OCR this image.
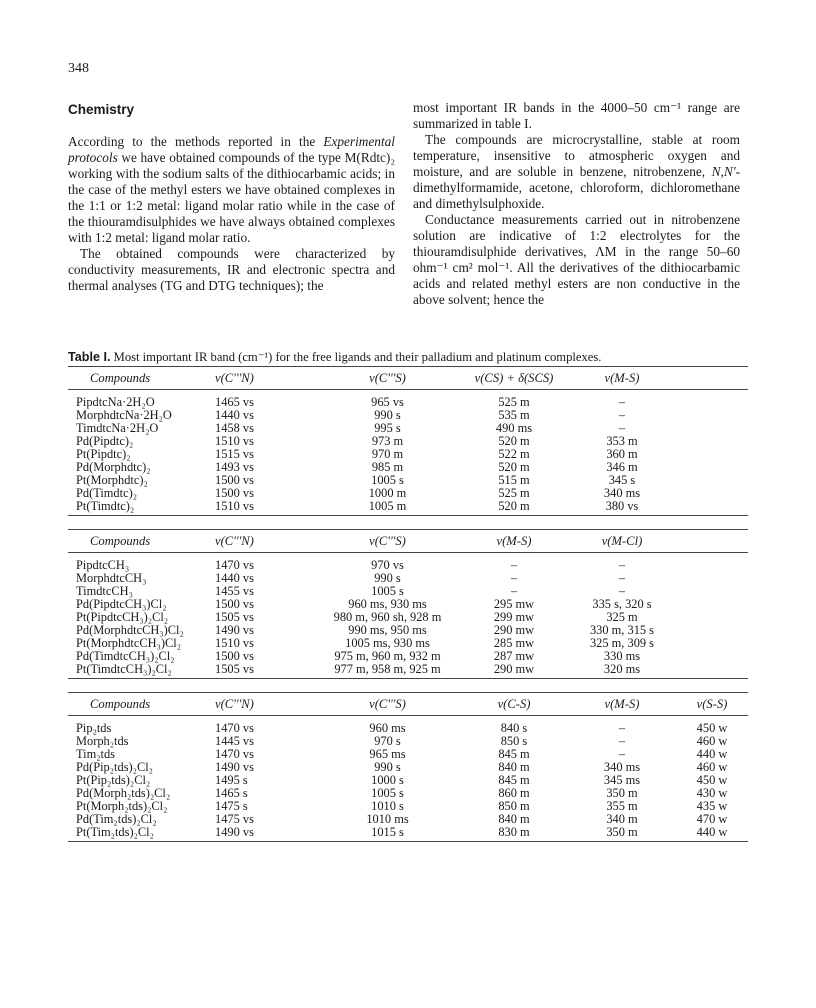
348

Chemistry

According to the methods reported in the Experimental protocols we have obtained compounds of the type M(Rdtc)₂ working with the sodium salts of the dithiocarbamic acids; in the case of the methyl esters we have obtained complexes in the 1:1 or 1:2 metal: ligand molar ratio while in the case of the thiouramdisulphides we have always obtained complexes with 1:2 metal: ligand molar ratio.

The obtained compounds were characterized by conductivity measurements, IR and electronic spectra and thermal analyses (TG and DTG techniques); the

most important IR bands in the 4000–50 cm⁻¹ range are summarized in table I.

The compounds are microcrystalline, stable at room temperature, insensitive to atmospheric oxygen and moisture, and are soluble in benzene, nitrobenzene, N,N'-dimethylformamide, acetone, chloroform, dichloromethane and dimethylsulphoxide.

Conductance measurements carried out in nitrobenzene solution are indicative of 1:2 electrolytes for the thiouramdisulphide derivatives, ΛM in the range 50–60 ohm⁻¹ cm² mol⁻¹. All the derivatives of the dithiocarbamic acids and related methyl esters are non conductive in the above solvent; hence the

Table I. Most important IR band (cm⁻¹) for the free ligands and their palladium and platinum complexes.
Compounds	v(C'''N)	v(C'''S)	v(CS) + δ(SCS)	v(M-S)
PipdtcNa·2H₂O	1465 vs	965 vs	525 m	–
MorphdtcNa·2H₂O	1440 vs	990 s	535 m	–
TimdtcNa·2H₂O	1458 vs	995 s	490 ms	–
Pd(Pipdtc)₂	1510 vs	973 m	520 m	353 m
Pt(Pipdtc)₂	1515 vs	970 m	522 m	360 m
Pd(Morphdtc)₂	1493 vs	985 m	520 m	346 m
Pt(Morphdtc)₂	1500 vs	1005 s	515 m	345 s
Pd(Timdtc)₂	1500 vs	1000 m	525 m	340 ms
Pt(Timdtc)₂	1510 vs	1005 m	520 m	380 vs
Compounds	v(C'''N)	v(C'''S)	v(M-S)	v(M-Cl)
PipdtcCH₃	1470 vs	970 vs	–	–
MorphdtcCH₃	1440 vs	990 s	–	–
TimdtcCH₃	1455 vs	1005 s	–	–
Pd(PipdtcCH₃)Cl₂	1500 vs	960 ms, 930 ms	295 mw	335 s, 320 s
Pt(PipdtcCH₃)₂Cl₂	1505 vs	980 m, 960 sh, 928 m	299 mw	325 m
Pd(MorphdtcCH₃)Cl₂	1490 vs	990 ms, 950 ms	290 mw	330 m, 315 s
Pt(MorphdtcCH₃)Cl₂	1510 vs	1005 ms, 930 ms	285 mw	325 m, 309 s
Pd(TimdtcCH₃)₂Cl₂	1500 vs	975 m, 960 m, 932 m	287 mw	330 ms
Pt(TimdtcCH₃)₂Cl₂	1505 vs	977 m, 958 m, 925 m	290 mw	320 ms
Compounds	v(C'''N)	v(C'''S)	v(C-S)	v(M-S)	v(S-S)
Pip₂tds	1470 vs	960 ms	840 s	–	450 w
Morph₂tds	1445 vs	970 s	850 s	–	460 w
Tim₂tds	1470 vs	965 ms	845 m	–	440 w
Pd(Pip₂tds)₂Cl₂	1490 vs	990 s	840 m	340 ms	460 w
Pt(Pip₂tds)₂Cl₂	1495 s	1000 s	845 m	345 ms	450 w
Pd(Morph₂tds)₂Cl₂	1465 s	1005 s	860 m	350 m	430 w
Pt(Morph₂tds)₂Cl₂	1475 s	1010 s	850 m	355 m	435 w
Pd(Tim₂tds)₂Cl₂	1475 vs	1010 ms	840 m	340 m	470 w
Pt(Tim₂tds)₂Cl₂	1490 vs	1015 s	830 m	350 m	440 w
